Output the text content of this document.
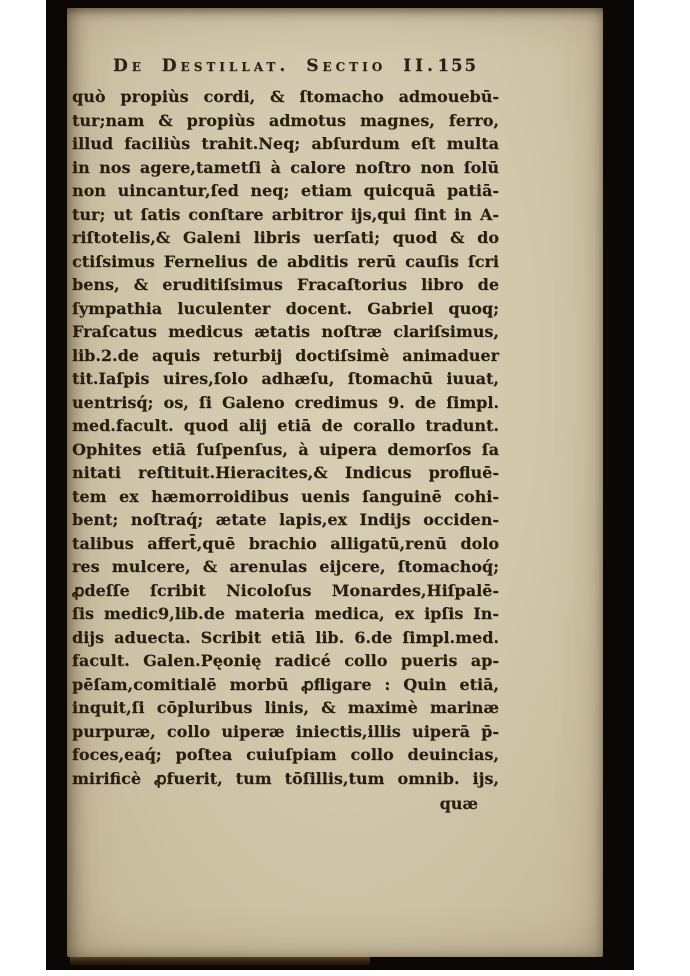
De Destillat. Sectio II. 155
quò propiùs cordi, & ſtomacho admouebū-
tur;nam & propiùs admotus magnes, ferro,
illud faciliùs trahit.Neq; abſurdum eſt multa
in nos agere,tametſi à calore noſtro non ſolū
non uincantur,ſed neq; etiam quicquā patiā-
tur; ut ſatis conſtare arbitror ijs,qui ſint in A-
riſtotelis,& Galeni libris uerſati; quod & do
ctiſsimus Fernelius de abditis rerū cauſis ſcri
bens, & eruditiſsimus Fracaſtorius libro de
ſympathia luculenter docent. Gabriel quoq;
Fraſcatus medicus ætatis noſtræ clariſsimus,
lib.2.de aquis returbij doctiſsimè animaduer
tit.Iaſpis uires,ſolo adhæſu, ſtomachū iuuat,
uentrisq́; os, ſi Galeno credimus 9. de ſimpl.
med.facult. quod alij etiā de corallo tradunt.
Ophites etiā ſuſpenſus, à uipera demorſos ſa
nitati reſtituit.Hieracites,& Indicus profluē-
tem ex hæmorroidibus uenis ſanguinē cohi-
bent; noſtraq́; ætate lapis,ex Indijs occiden-
talibus affert̄,quē brachio alligatū,renū dolo
res mulcere, & arenulas eijcere, ſtomachoq́;
ꝓdeſſe ſcribit Nicoloſus Monardes,Hiſpalē-
ſis medic9,lib.de materia medica, ex ipſis In-
dijs aduecta. Scribit etiā lib. 6.de ſimpl.med.
facult. Galen.Pęonię radicé collo pueris ap-
pēſam,comitialē morbū ꝓfligare : Quin etiā,
inquit,ſi cōpluribus linis, & maximè marinæ
purpuræ, collo uiperæ iniectis,illis uiperā p̄-
foces,eaq́; poſtea cuiuſpiam collo deuincias,
mirificè ꝓfuerit, tum tōſillis,tum omnib. ijs,
quæ
